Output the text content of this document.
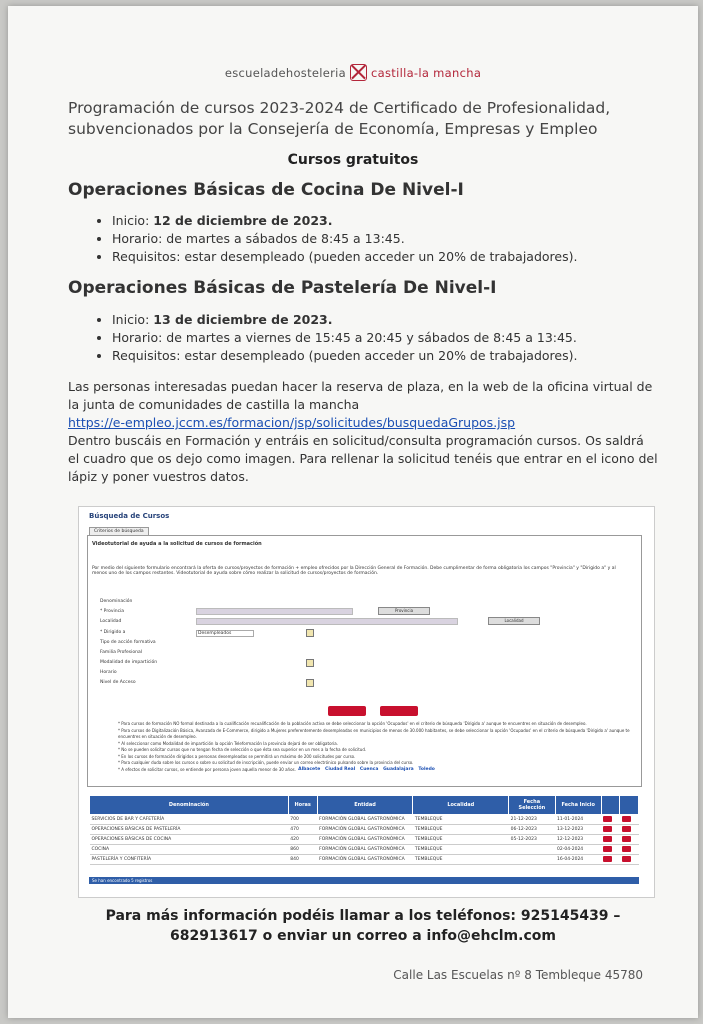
escueladehosteleria castilla-la mancha
Programación de cursos 2023-2024 de Certificado de Profesionalidad, subvencionados por la Consejería de Economía, Empresas y Empleo
Cursos gratuitos
Operaciones Básicas de Cocina De Nivel-I
• Inicio: 12 de diciembre de 2023.
• Horario: de martes a sábados de 8:45 a 13:45.
• Requisitos: estar desempleado (pueden acceder un 20% de trabajadores).
Operaciones Básicas de Pastelería De Nivel-I
• Inicio: 13 de diciembre de 2023.
• Horario: de martes a viernes de 15:45 a 20:45 y sábados de 8:45 a 13:45.
• Requisitos: estar desempleado (pueden acceder un 20% de trabajadores).
Las personas interesadas puedan hacer la reserva de plaza, en la web de la oficina virtual de la junta de comunidades de castilla la mancha
https://e-empleo.jccm.es/formacion/jsp/solicitudes/busquedaGrupos.jsp
Dentro buscáis en Formación y entráis en solicitud/consulta programación cursos. Os saldrá el cuadro que os dejo como imagen. Para rellenar la solicitud tenéis que entrar en el icono del lápiz y poner vuestros datos.
Búsqueda de Cursos
Criterios de búsqueda
Videotutorial de ayuda a la solicitud de cursos de formación
Por medio del siguiente formulario encontrará la oferta de cursos/proyectos de formación + empleo ofrecidos por la Dirección General de Formación. Debe cumplimentar de forma obligatoria los campos "Provincia" y "Dirigido a" y al menos uno de los campos restantes. Videotutorial de ayuda sobre cómo realizar la solicitud de cursos/proyectos de formación.
Denominación
* Provincia	Provincia
Localidad	Localidad
* Dirigido a	Desempleados
Tipo de acción formativa
Familia Profesional
Modalidad de impartición
Horario
Nivel de Acceso
* Para cursos de formación NO formal destinada a la cualificación recualificación de la población activa se debe seleccionar la opción 'Ocupados' en el criterio de búsqueda 'Dirigido a' aunque te encuentres en situación de desempleo.
* Para cursos de Digitalización Básica, Avanzada de E-Commerce, dirigido a Mujeres preferentemente desempleadas en municipios de menos de 30.000 habitantes, se debe seleccionar la opción 'Ocupados' en el criterio de búsqueda 'Dirigido a' aunque te encuentres en situación de desempleo.
* Al seleccionar como Modalidad de impartición la opción Teleformación la provincia dejará de ser obligatoria.
* No se pueden solicitar cursos que no tengan fecha de selección o que ésta sea superior en un mes a la fecha de solicitud.
* En los cursos de formación dirigidos a personas desempleadas se permitirá un máximo de 200 solicitudes por curso.
* Para cualquier duda sobre los cursos o sobre su solicitud de inscripción, puede enviar un correo electrónico pulsando sobre la provincia del curso.
* A efectos de solicitar cursos, se entiende por persona joven aquella menor de 30 años. Albacete Ciudad Real Cuenca Guadalajara Toledo
Denominación	Horas	Entidad	Localidad	Fecha Selección	Fecha Inicio		
SERVICIOS DE BAR Y CAFETERÍA	700	FORMACIÓN GLOBAL GASTRONÓMICA	TEMBLEQUE	21-12-2023	11-01-2024		
OPERACIONES BÁSICAS DE PASTELERÍA	470	FORMACIÓN GLOBAL GASTRONÓMICA	TEMBLEQUE	06-12-2023	13-12-2023		
OPERACIONES BÁSICAS DE COCINA	420	FORMACIÓN GLOBAL GASTRONÓMICA	TEMBLEQUE	05-12-2023	12-12-2023		
COCINA	860	FORMACIÓN GLOBAL GASTRONÓMICA	TEMBLEQUE		02-04-2024		
PASTELERÍA Y CONFITERÍA	840	FORMACIÓN GLOBAL GASTRONÓMICA	TEMBLEQUE		16-04-2024		
Se han encontrado 5 registros
Para más información podéis llamar a los teléfonos: 925145439 – 682913617 o enviar un correo a info@ehclm.com
Calle Las Escuelas nº 8 Tembleque 45780
